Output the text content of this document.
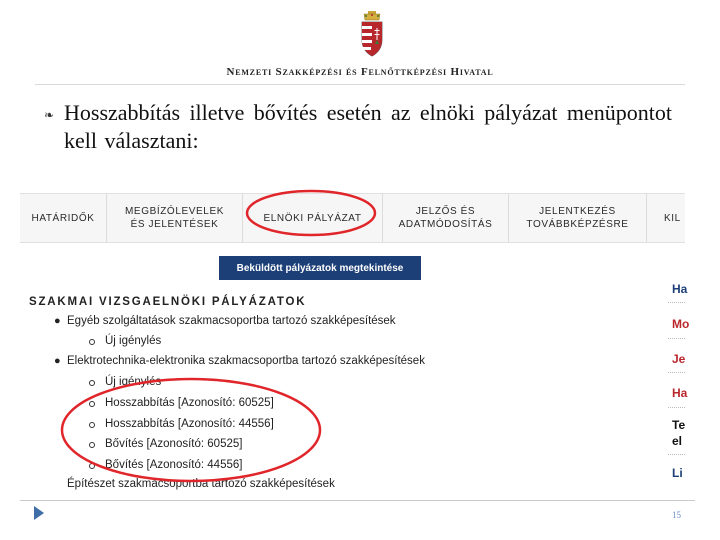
Nemzeti Szakképzési és Felnőttképzési Hivatal
❧ Hosszabbítás illetve bővítés esetén az elnöki pályázat menüpontot kell választani:
HATÁRIDŐK

MEGBÍZÓLEVELEK
ÉS JELENTÉSEK
ELNÖKI PÁLYÁZAT
JELZŐS ÉS
ADATMÓDOSÍTÁS
JELENTKEZÉS
TOVÁBBKÉPZÉSRE
KIL
Beküldött pályázatok megtekintése
SZAKMAI VIZSGAELNÖKI PÁLYÁZATOK
● Egyéb szolgáltatások szakmacsoportba tartozó szakképesítések
Új igénylés
● Elektrotechnika-elektronika szakmacsoportba tartozó szakképesítések
Új igénylés
Hosszabbítás [Azonosító: 60525]
Hosszabbítás [Azonosító: 44556]
Bővítés [Azonosító: 60525]
Bővítés [Azonosító: 44556]
Építészet szakmacsoportba tartozó szakképesítések
Ha
Mo
Je
Ha
Te
el
Li
15
